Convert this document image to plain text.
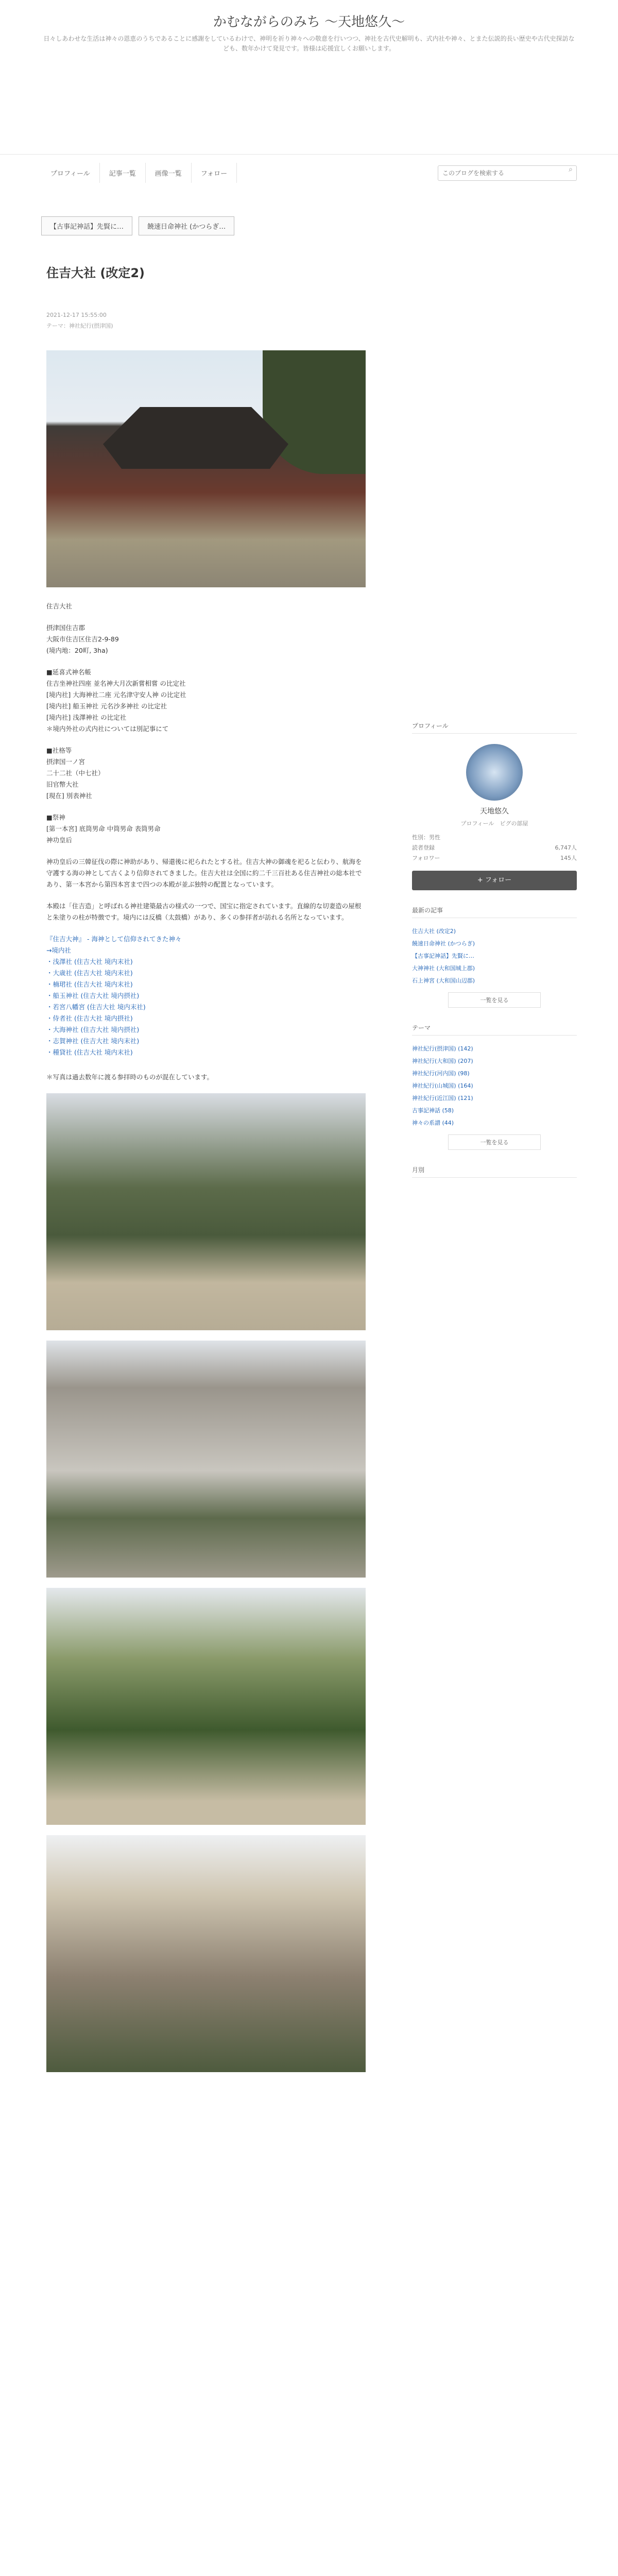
かむながらのみち 〜天地悠久〜
日々しあわせな生活は神々の恩恵のうちであることに感謝をしているわけで、神明を祈り神々への敬意を行いつつ、神社を古代史解明も、式内社や神々、とまた伝説的長い歴史や古代史探訪なども、数年かけて発見です。皆様は応援宜しくお願いします。
プロフィール	記事一覧	画像一覧	フォロー
このブログを検索する
⌕
【古事記神話】先賢に…	饒速日命神社 (かつらぎ…
住吉大社 (改定2)
2021-12-17 15:55:00
テーマ：神社紀行(摂津国)

住吉大社

摂津国住吉郡
大阪市住吉区住吉2-9-89
(境内地：20町, 3ha)

■延喜式神名帳
住吉坐神社四座 並名神大月次新嘗相嘗 の比定社
[境内社] 大海神社二座 元名津守安人神 の比定社
[境内社] 船玉神社 元名沙多神社 の比定社
[境内社] 浅澤神社 の比定社
＊境内外社の式内社については別記事にて

■社格等
摂津国一ノ宮
二十二社（中七社）
旧官幣大社
[現在] 別表神社

■祭神
[第一本宮] 底筒男命 中筒男命 表筒男命
神功皇后

神功皇后の三韓征伐の際に神助があり、帰還後に祀られたとする社。住吉大神の御魂を祀ると伝わり、航海を守護する海の神として古くより信仰されてきました。住吉大社は全国に約二千三百社ある住吉神社の総本社であり、第一本宮から第四本宮まで四つの本殿が並ぶ独特の配置となっています。

本殿は「住吉造」と呼ばれる神社建築最古の様式の一つで、国宝に指定されています。直線的な切妻造の屋根と朱塗りの柱が特徴です。境内には反橋（太鼓橋）があり、多くの参拝者が訪れる名所となっています。

『住吉大神』 - 海神として信仰されてきた神々
→境内社
・浅澤社 (住吉大社 境内末社)
・大歳社 (住吉大社 境内末社)
・楠珺社 (住吉大社 境内末社)
・船玉神社 (住吉大社 境内摂社)
・若宮八幡宮 (住吉大社 境内末社)
・侍者社 (住吉大社 境内摂社)
・大海神社 (住吉大社 境内摂社)
・志賀神社 (住吉大社 境内末社)
・種貸社 (住吉大社 境内末社)

＊写真は過去数年に渡る参拝時のものが混在しています。

プロフィール
天地悠久
プロフィール　ピグの部屋
性別：男性
読者登録	6,747人
フォロワー	145人
+ フォロー
最新の記事
住吉大社 (改定2)
饒速日命神社 (かつらぎ)
【古事記神話】先賢に…
大神神社 (大和国城上郡)
石上神宮 (大和国山辺郡)
一覧を見る
テーマ
神社紀行(摂津国) (142)
神社紀行(大和国) (207)
神社紀行(河内国) (98)
神社紀行(山城国) (164)
神社紀行(近江国) (121)
古事記神話 (58)
神々の系譜 (44)
一覧を見る
月別
